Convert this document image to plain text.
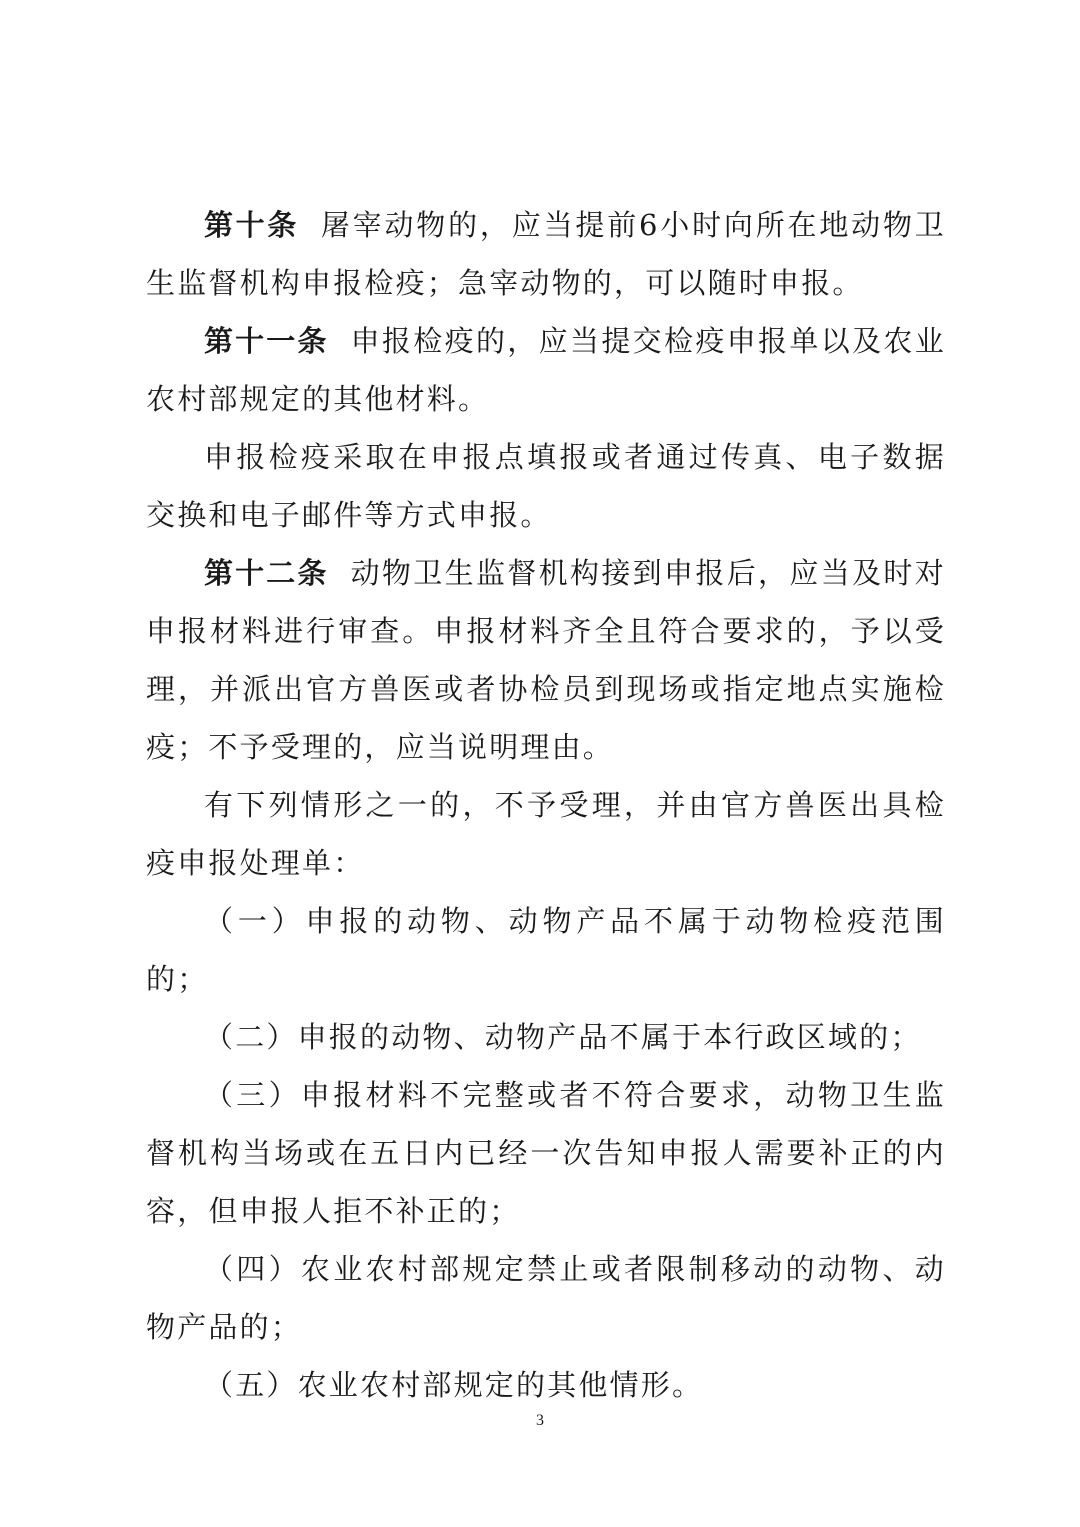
第十条 屠宰动物的，应当提前6小时向所在地动物卫生监督机构申报检疫；急宰动物的，可以随时申报。

第十一条 申报检疫的，应当提交检疫申报单以及农业农村部规定的其他材料。

申报检疫采取在申报点填报或者通过传真、电子数据交换和电子邮件等方式申报。

第十二条 动物卫生监督机构接到申报后，应当及时对申报材料进行审查。申报材料齐全且符合要求的，予以受理，并派出官方兽医或者协检员到现场或指定地点实施检疫；不予受理的，应当说明理由。

有下列情形之一的，不予受理，并由官方兽医出具检疫申报处理单：

（一）申报的动物、动物产品不属于动物检疫范围的；

（二）申报的动物、动物产品不属于本行政区域的；

（三）申报材料不完整或者不符合要求，动物卫生监督机构当场或在五日内已经一次告知申报人需要补正的内容，但申报人拒不补正的；

（四）农业农村部规定禁止或者限制移动的动物、动物产品的；

（五）农业农村部规定的其他情形。

3
